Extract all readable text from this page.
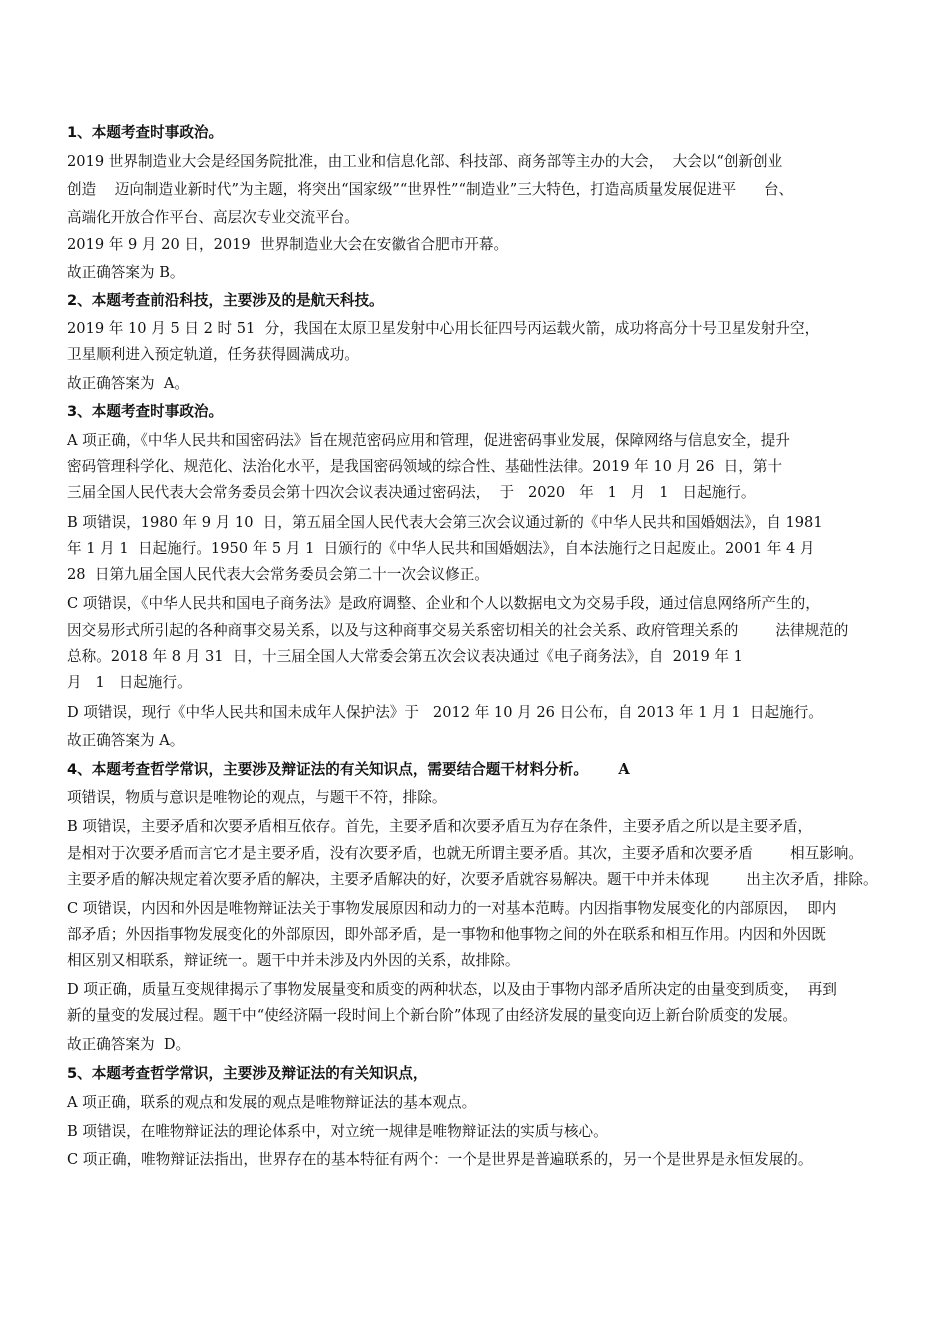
1、本题考查时事政治。

2019 世界制造业大会是经国务院批准，由工业和信息化部、科技部、商务部等主办的大会，  大会以“创新创业

创造    迈向制造业新时代”为主题，将突出“国家级”“世界性”“制造业”三大特色，打造高质量发展促进平      台、

高端化开放合作平台、高层次专业交流平台。

2019 年 9 月 20 日，2019  世界制造业大会在安徽省合肥市开幕。

故正确答案为 B。

2、本题考查前沿科技，主要涉及的是航天科技。

2019 年 10 月 5 日 2 时 51  分，我国在太原卫星发射中心用长征四号丙运载火箭，成功将高分十号卫星发射升空，

卫星顺利进入预定轨道，任务获得圆满成功。

故正确答案为  A。

3、本题考查时事政治。

A 项正确，《中华人民共和国密码法》旨在规范密码应用和管理，促进密码事业发展，保障网络与信息安全，提升

密码管理科学化、规范化、法治化水平，是我国密码领域的综合性、基础性法律。2019 年 10 月 26  日，第十

三届全国人民代表大会常务委员会第十四次会议表决通过密码法，  于   2020   年   1   月   1   日起施行。

B 项错误，1980 年 9 月 10  日，第五届全国人民代表大会第三次会议通过新的《中华人民共和国婚姻法》，自 1981

年 1 月 1  日起施行。1950 年 5 月 1  日颁行的《中华人民共和国婚姻法》，自本法施行之日起废止。2001 年 4 月

28  日第九届全国人民代表大会常务委员会第二十一次会议修正。

C 项错误，《中华人民共和国电子商务法》是政府调整、企业和个人以数据电文为交易手段，通过信息网络所产生的，

因交易形式所引起的各种商事交易关系，以及与这种商事交易关系密切相关的社会关系、政府管理关系的        法律规范的

总称。2018 年 8 月 31  日，十三届全国人大常委会第五次会议表决通过《电子商务法》，自  2019 年 1

月   1   日起施行。

D 项错误，现行《中华人民共和国未成年人保护法》于   2012 年 10 月 26 日公布，自 2013 年 1 月 1  日起施行。

故正确答案为 A。

4、本题考查哲学常识，主要涉及辩证法的有关知识点，需要结合题干材料分析。      A

项错误，物质与意识是唯物论的观点，与题干不符，排除。

B 项错误，主要矛盾和次要矛盾相互依存。首先，主要矛盾和次要矛盾互为存在条件，主要矛盾之所以是主要矛盾，

是相对于次要矛盾而言它才是主要矛盾，没有次要矛盾，也就无所谓主要矛盾。其次，主要矛盾和次要矛盾        相互影响。

主要矛盾的解决规定着次要矛盾的解决，主要矛盾解决的好，次要矛盾就容易解决。题干中并未体现        出主次矛盾，排除。

C 项错误，内因和外因是唯物辩证法关于事物发展原因和动力的一对基本范畴。内因指事物发展变化的内部原因，  即内

部矛盾；外因指事物发展变化的外部原因，即外部矛盾，是一事物和他事物之间的外在联系和相互作用。内因和外因既

相区别又相联系，辩证统一。题干中并未涉及内外因的关系，故排除。

D 项正确，质量互变规律揭示了事物发展量变和质变的两种状态，以及由于事物内部矛盾所决定的由量变到质变，  再到

新的量变的发展过程。题干中“使经济隔一段时间上个新台阶”体现了由经济发展的量变向迈上新台阶质变的发展。

故正确答案为  D。

5、本题考查哲学常识，主要涉及辩证法的有关知识点，

A 项正确，联系的观点和发展的观点是唯物辩证法的基本观点。

B 项错误，在唯物辩证法的理论体系中，对立统一规律是唯物辩证法的实质与核心。

C 项正确，唯物辩证法指出，世界存在的基本特征有两个：一个是世界是普遍联系的，另一个是世界是永恒发展的。
